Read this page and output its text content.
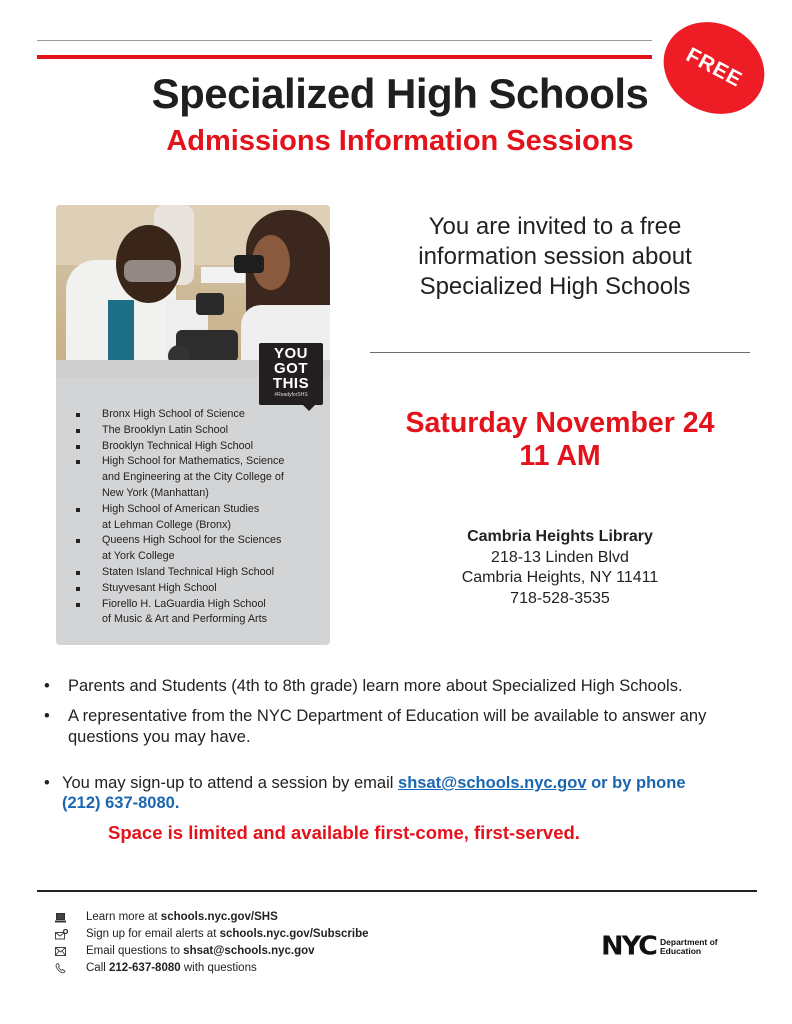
FREE
Specialized High Schools
Admissions Information Sessions
YOU
GOT
THIS
#ReadyforSHS
Bronx High School of Science
The Brooklyn Latin School
Brooklyn Technical High School
High School for Mathematics, Science
and Engineering at the City College of
New York (Manhattan)
High School of American Studies
at Lehman College (Bronx)
Queens High School for the Sciences
at York College
Staten Island Technical High School
Stuyvesant High School
Fiorello H. LaGuardia High School
of Music & Art and Performing Arts
You are invited to a free
information session about
Specialized High Schools
Saturday November 24
11 AM
Cambria Heights Library
218-13 Linden Blvd
Cambria Heights, NY 11411
718-528-3535
• Parents and Students (4th to 8th grade) learn more about Specialized High Schools.
• A representative from the NYC Department of Education will be available to answer any questions you may have.
• You may sign-up to attend a session by email shsat@schools.nyc.gov or by phone
(212) 637-8080.
Space is limited and available first-come, first-served.
Learn more at schools.nyc.gov/SHS
Sign up for email alerts at schools.nyc.gov/Subscribe
Email questions to shsat@schools.nyc.gov
Call 212-637-8080 with questions
NYC Department of
Education
